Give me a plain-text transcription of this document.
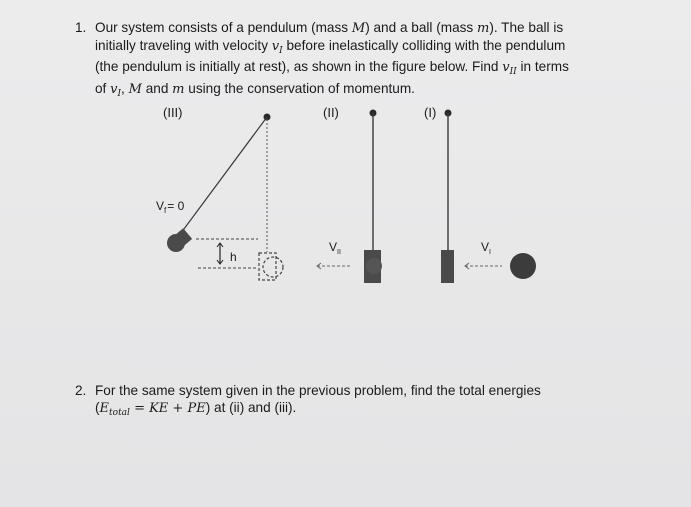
1. Our system consists of a pendulum (mass M) and a ball (mass m). The ball is
initially traveling with velocity $v_I$ before inelastically colliding with the pendulum
(the pendulum is initially at rest), as shown in the figure below. Find $v_{II}$ in terms
of $v_I$, M and m using the conservation of momentum.
(III)	(II)	(I)
h
$V_f= 0$
$V_{II}$	$V_I$
2. For the same system given in the previous problem, find the total energies
($E_{total}$ = KE + PE) at (ii) and (iii).
